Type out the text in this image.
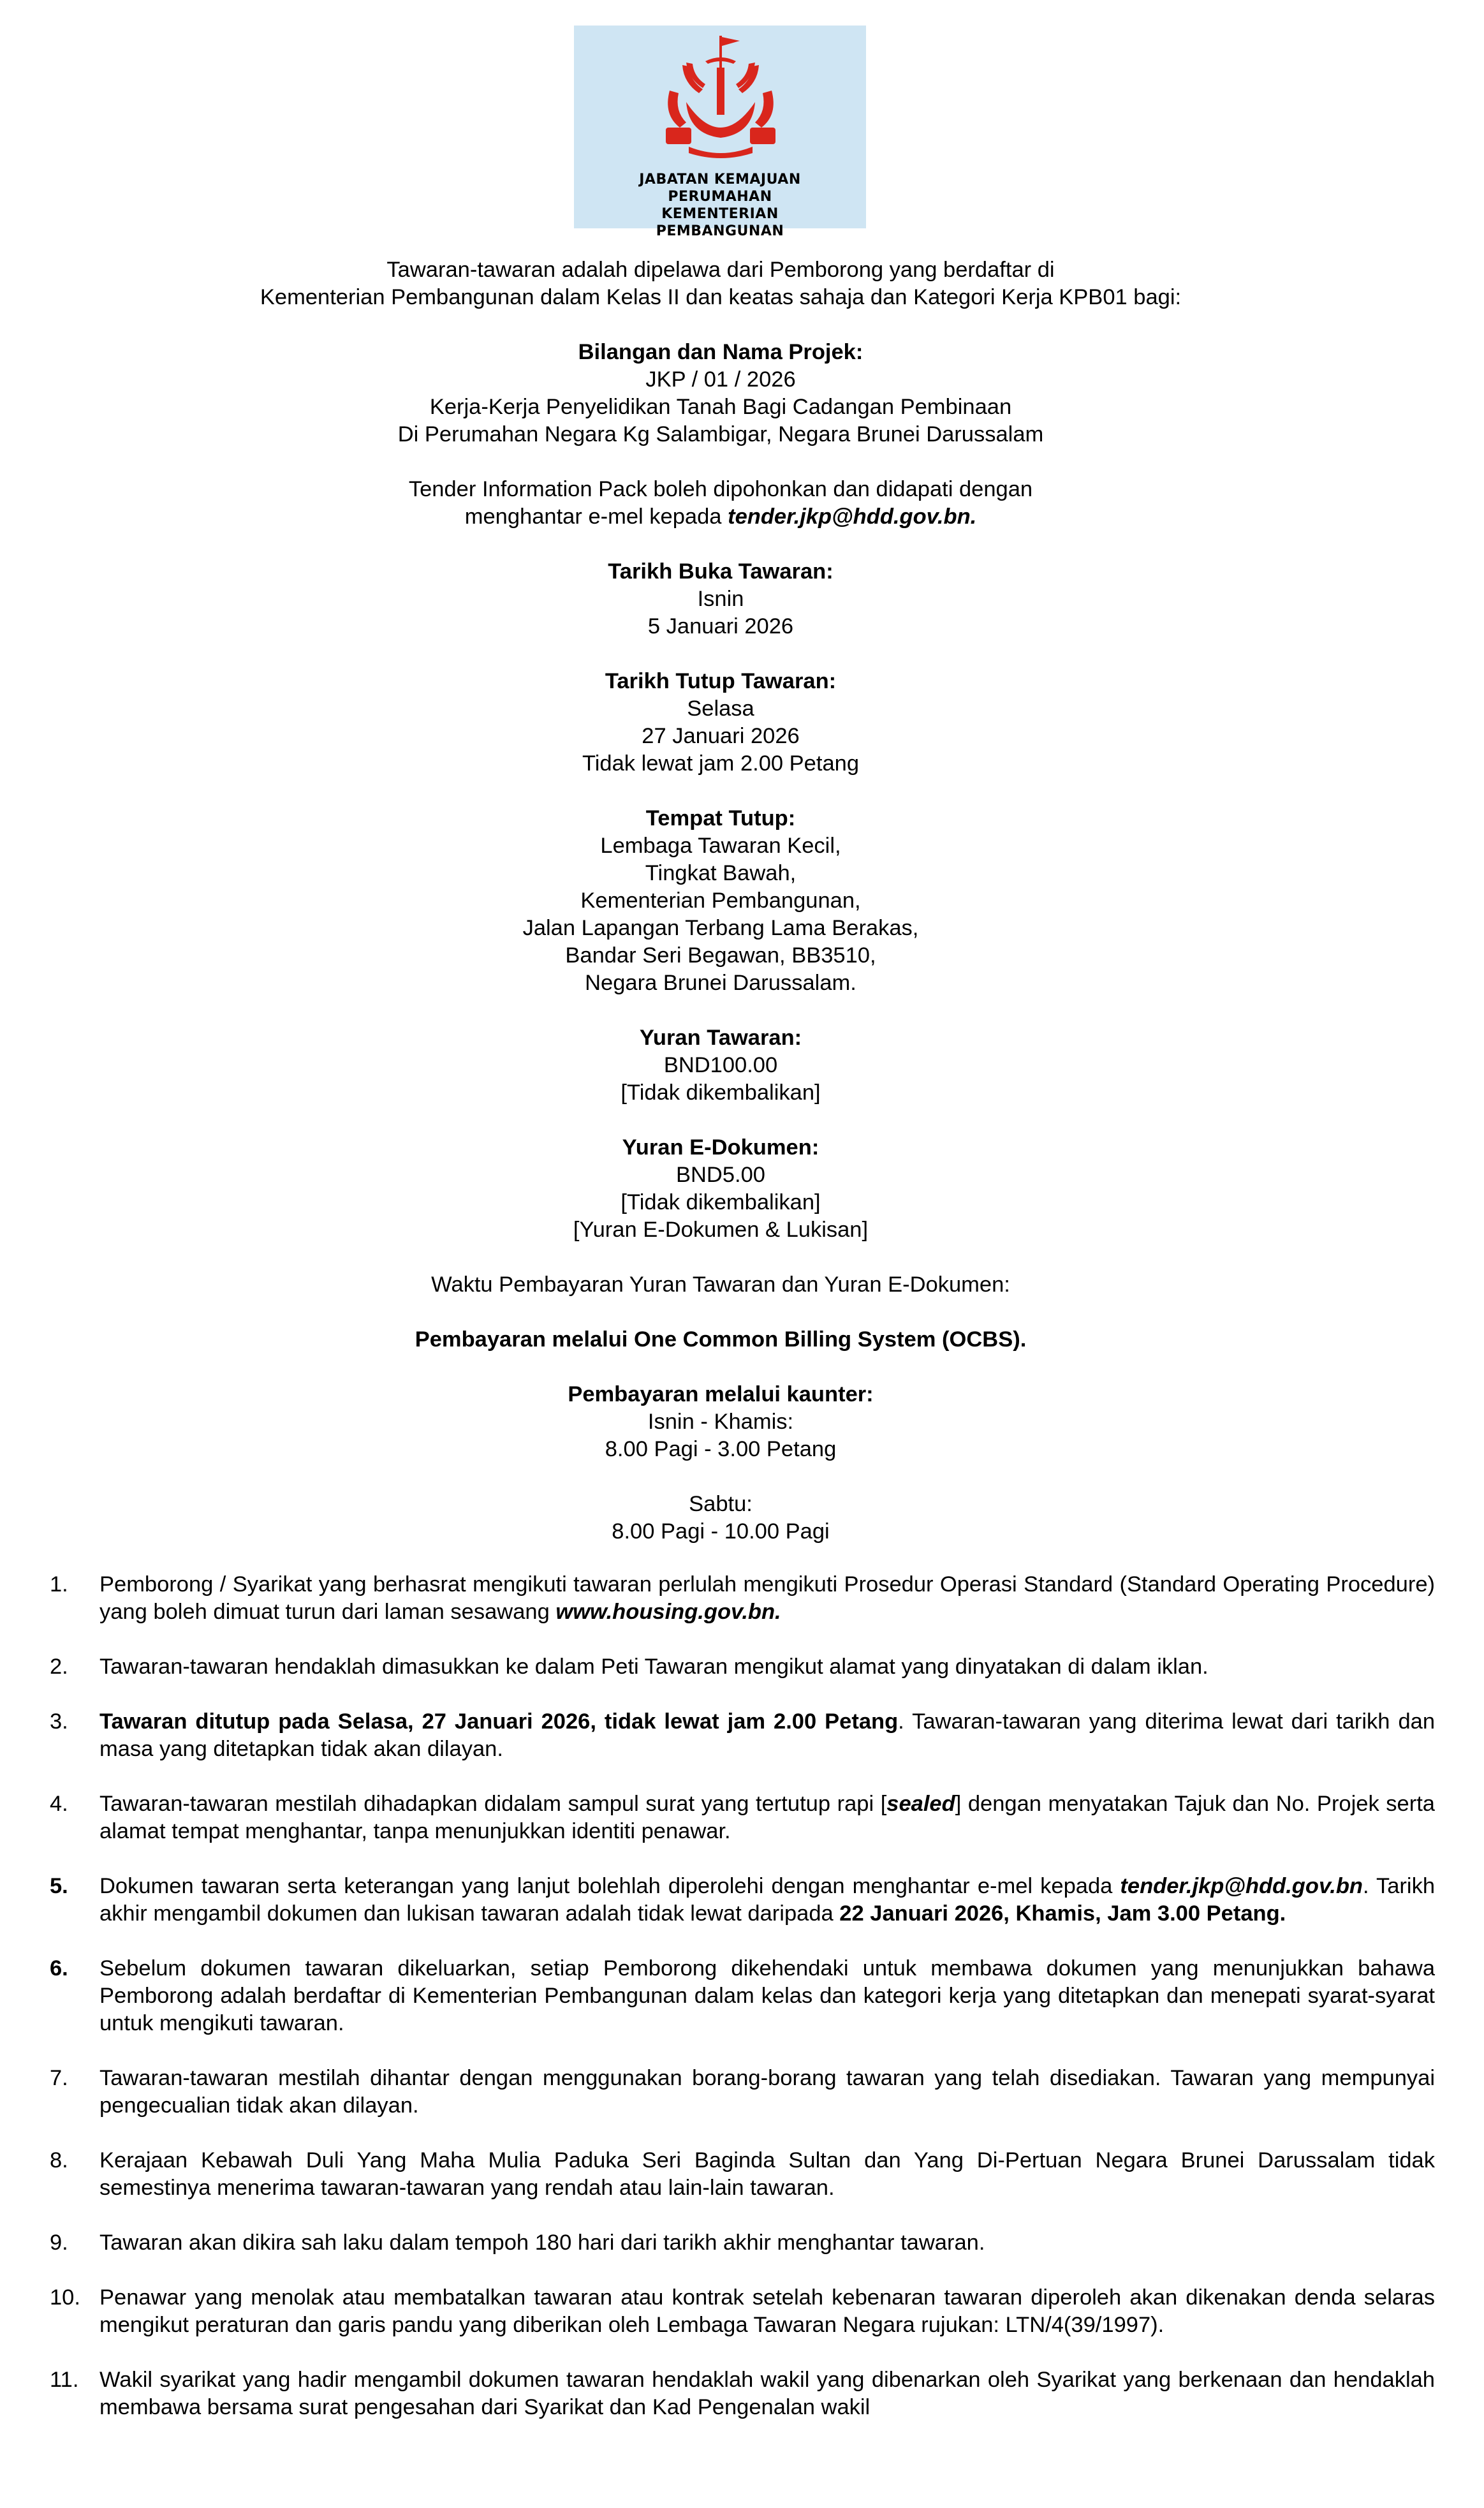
JABATAN KEMAJUAN
PERUMAHAN
KEMENTERIAN
PEMBANGUNAN

Tawaran-tawaran adalah dipelawa dari Pemborong yang berdaftar di
Kementerian Pembangunan dalam Kelas II dan keatas sahaja dan Kategori Kerja KPB01 bagi:

Bilangan dan Nama Projek:
JKP / 01 / 2026
Kerja-Kerja Penyelidikan Tanah Bagi Cadangan Pembinaan
Di Perumahan Negara Kg Salambigar, Negara Brunei Darussalam

Tender Information Pack boleh dipohonkan dan didapati dengan
menghantar e-mel kepada tender.jkp@hdd.gov.bn.

Tarikh Buka Tawaran:
Isnin
5 Januari 2026

Tarikh Tutup Tawaran:
Selasa
27 Januari 2026
Tidak lewat jam 2.00 Petang

Tempat Tutup:
Lembaga Tawaran Kecil,
Tingkat Bawah,
Kementerian Pembangunan,
Jalan Lapangan Terbang Lama Berakas,
Bandar Seri Begawan, BB3510,
Negara Brunei Darussalam.

Yuran Tawaran:
BND100.00
[Tidak dikembalikan]

Yuran E-Dokumen:
BND5.00
[Tidak dikembalikan]
[Yuran E-Dokumen & Lukisan]

Waktu Pembayaran Yuran Tawaran dan Yuran E-Dokumen:

Pembayaran melalui One Common Billing System (OCBS).

Pembayaran melalui kaunter:
Isnin - Khamis:
8.00 Pagi - 3.00 Petang

Sabtu:
8.00 Pagi - 10.00 Pagi

1. Pemborong / Syarikat yang berhasrat mengikuti tawaran perlulah mengikuti Prosedur Operasi Standard (Standard Operating Procedure) yang boleh dimuat turun dari laman sesawang www.housing.gov.bn.
2. Tawaran-tawaran hendaklah dimasukkan ke dalam Peti Tawaran mengikut alamat yang dinyatakan di dalam iklan.
3. Tawaran ditutup pada Selasa, 27 Januari 2026, tidak lewat jam 2.00 Petang. Tawaran-tawaran yang diterima lewat dari tarikh dan masa yang ditetapkan tidak akan dilayan.
4. Tawaran-tawaran mestilah dihadapkan didalam sampul surat yang tertutup rapi [sealed] dengan menyatakan Tajuk dan No. Projek serta alamat tempat menghantar, tanpa menunjukkan identiti penawar.
5. Dokumen tawaran serta keterangan yang lanjut bolehlah diperolehi dengan menghantar e-mel kepada tender.jkp@hdd.gov.bn. Tarikh akhir mengambil dokumen dan lukisan tawaran adalah tidak lewat daripada 22 Januari 2026, Khamis, Jam 3.00 Petang.
6. Sebelum dokumen tawaran dikeluarkan, setiap Pemborong dikehendaki untuk membawa dokumen yang menunjukkan bahawa Pemborong adalah berdaftar di Kementerian Pembangunan dalam kelas dan kategori kerja yang ditetapkan dan menepati syarat-syarat untuk mengikuti tawaran.
7. Tawaran-tawaran mestilah dihantar dengan menggunakan borang-borang tawaran yang telah disediakan. Tawaran yang mempunyai pengecualian tidak akan dilayan.
8. Kerajaan Kebawah Duli Yang Maha Mulia Paduka Seri Baginda Sultan dan Yang Di-Pertuan Negara Brunei Darussalam tidak semestinya menerima tawaran-tawaran yang rendah atau lain-lain tawaran.
9. Tawaran akan dikira sah laku dalam tempoh 180 hari dari tarikh akhir menghantar tawaran.
10. Penawar yang menolak atau membatalkan tawaran atau kontrak setelah kebenaran tawaran diperoleh akan dikenakan denda selaras mengikut peraturan dan garis pandu yang diberikan oleh Lembaga Tawaran Negara rujukan: LTN/4(39/1997).
11. Wakil syarikat yang hadir mengambil dokumen tawaran hendaklah wakil yang dibenarkan oleh Syarikat yang berkenaan dan hendaklah membawa bersama surat pengesahan dari Syarikat dan Kad Pengenalan wakil
